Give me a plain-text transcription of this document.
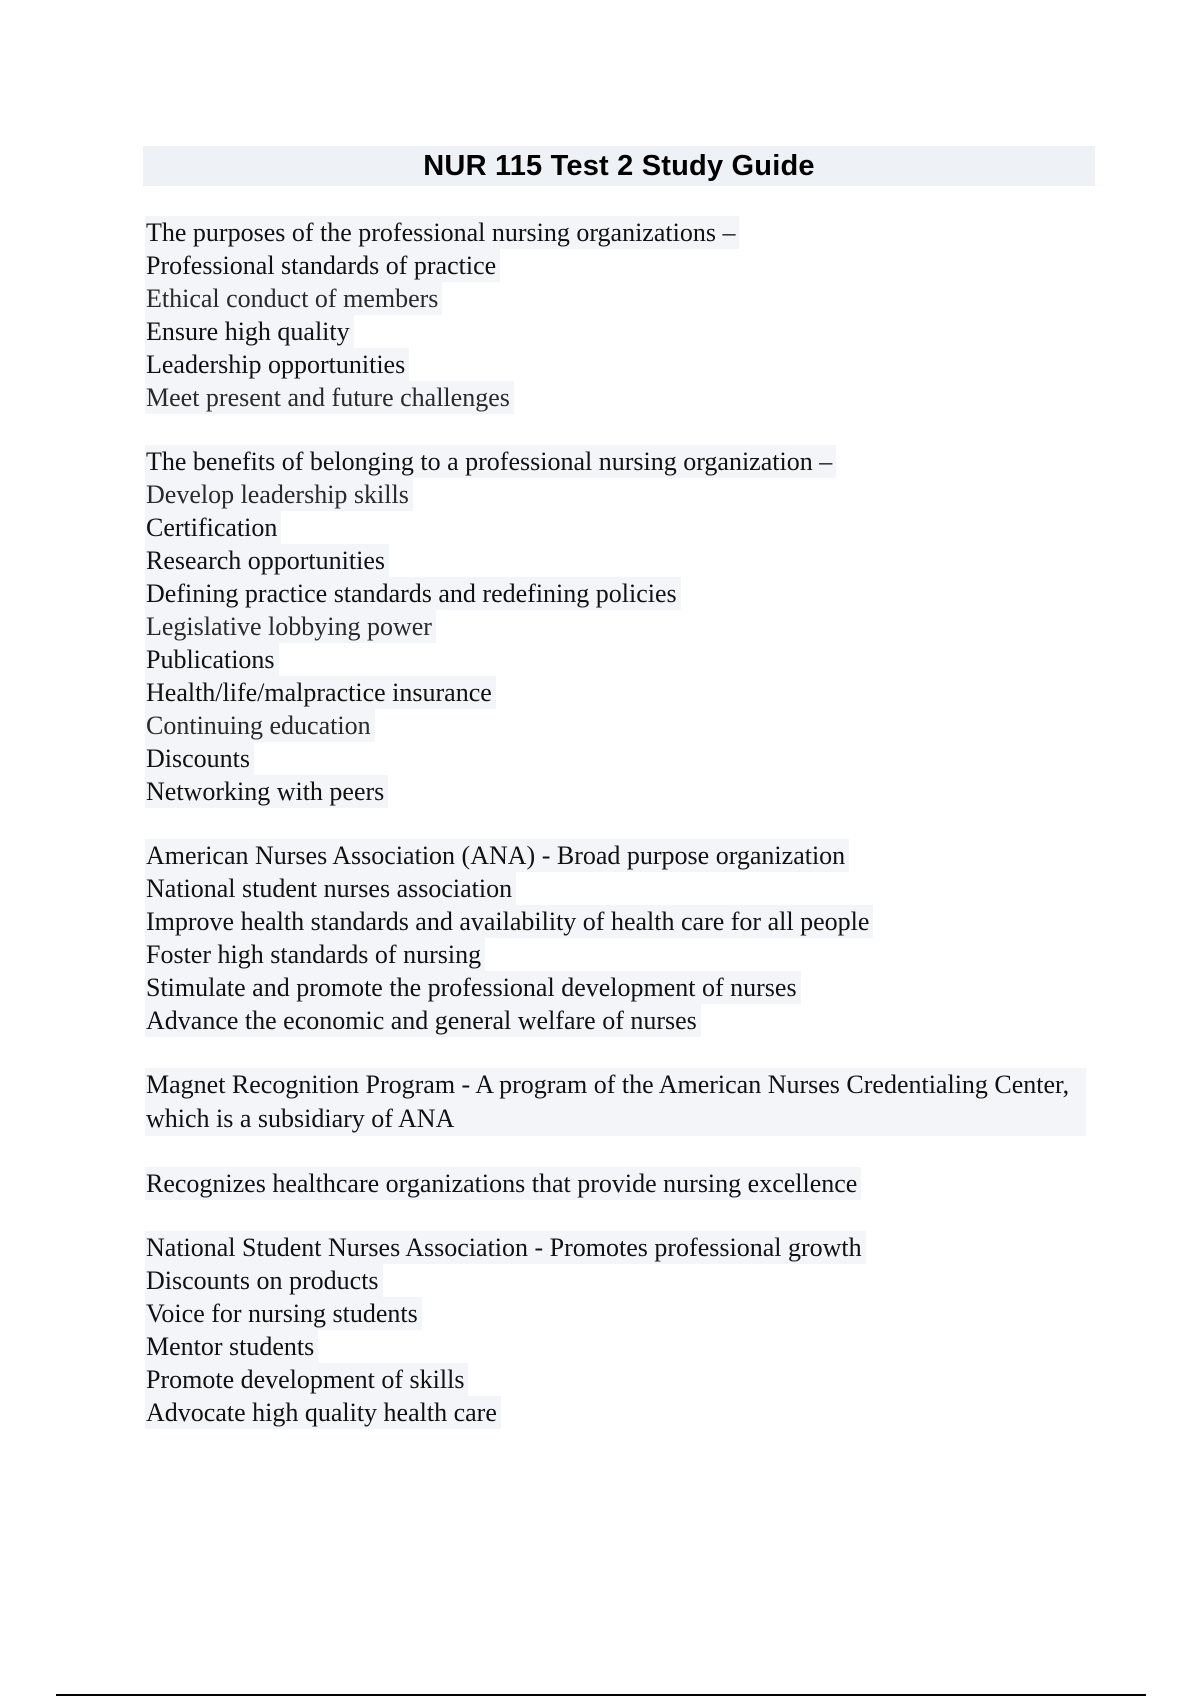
NUR 115 Test 2 Study Guide
The purposes of the professional nursing organizations –
Professional standards of practice
Ethical conduct of members
Ensure high quality
Leadership opportunities
Meet present and future challenges
The benefits of belonging to a professional nursing organization –
Develop leadership skills
Certification
Research opportunities
Defining practice standards and redefining policies
Legislative lobbying power
Publications
Health/life/malpractice insurance
Continuing education
Discounts
Networking with peers
American Nurses Association (ANA) - Broad purpose organization
National student nurses association
Improve health standards and availability of health care for all people
Foster high standards of nursing
Stimulate and promote the professional development of nurses
Advance the economic and general welfare of nurses
Magnet Recognition Program - A program of the American Nurses Credentialing Center, which is a subsidiary of ANA
Recognizes healthcare organizations that provide nursing excellence
National Student Nurses Association - Promotes professional growth
Discounts on products
Voice for nursing students
Mentor students
Promote development of skills
Advocate high quality health care
